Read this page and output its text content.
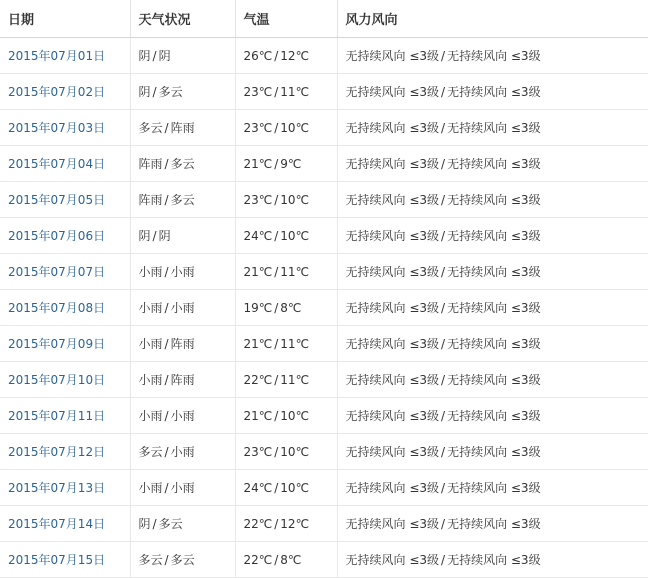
日期	天气状况	气温	风力风向
2015年07月01日	阴 / 阴	26℃ / 12℃	无持续风向 ≤3级 / 无持续风向 ≤3级
2015年07月02日	阴 / 多云	23℃ / 11℃	无持续风向 ≤3级 / 无持续风向 ≤3级
2015年07月03日	多云 / 阵雨	23℃ / 10℃	无持续风向 ≤3级 / 无持续风向 ≤3级
2015年07月04日	阵雨 / 多云	21℃ / 9℃	无持续风向 ≤3级 / 无持续风向 ≤3级
2015年07月05日	阵雨 / 多云	23℃ / 10℃	无持续风向 ≤3级 / 无持续风向 ≤3级
2015年07月06日	阴 / 阴	24℃ / 10℃	无持续风向 ≤3级 / 无持续风向 ≤3级
2015年07月07日	小雨 / 小雨	21℃ / 11℃	无持续风向 ≤3级 / 无持续风向 ≤3级
2015年07月08日	小雨 / 小雨	19℃ / 8℃	无持续风向 ≤3级 / 无持续风向 ≤3级
2015年07月09日	小雨 / 阵雨	21℃ / 11℃	无持续风向 ≤3级 / 无持续风向 ≤3级
2015年07月10日	小雨 / 阵雨	22℃ / 11℃	无持续风向 ≤3级 / 无持续风向 ≤3级
2015年07月11日	小雨 / 小雨	21℃ / 10℃	无持续风向 ≤3级 / 无持续风向 ≤3级
2015年07月12日	多云 / 小雨	23℃ / 10℃	无持续风向 ≤3级 / 无持续风向 ≤3级
2015年07月13日	小雨 / 小雨	24℃ / 10℃	无持续风向 ≤3级 / 无持续风向 ≤3级
2015年07月14日	阴 / 多云	22℃ / 12℃	无持续风向 ≤3级 / 无持续风向 ≤3级
2015年07月15日	多云 / 多云	22℃ / 8℃	无持续风向 ≤3级 / 无持续风向 ≤3级
